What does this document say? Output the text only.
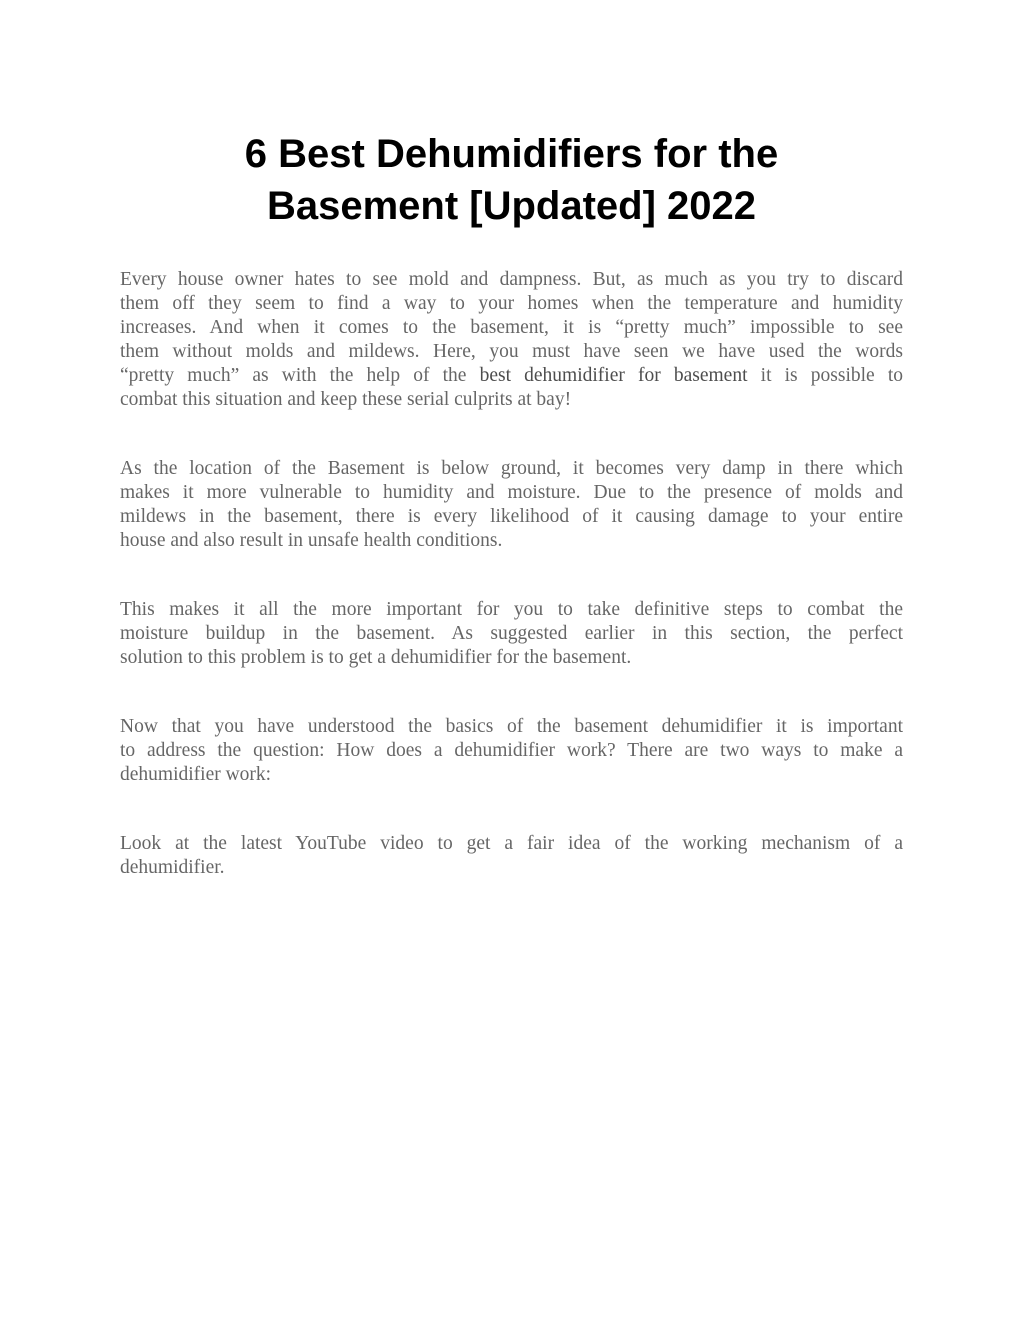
6 Best Dehumidifiers for the
Basement [Updated] 2022

Every house owner hates to see mold and dampness. But, as much as you try to discard
them off they seem to find a way to your homes when the temperature and humidity
increases. And when it comes to the basement, it is “pretty much” impossible to see
them without molds and mildews. Here, you must have seen we have used the words
“pretty much” as with the help of the best dehumidifier for basement it is possible to
combat this situation and keep these serial culprits at bay!

As the location of the Basement is below ground, it becomes very damp in there which
makes it more vulnerable to humidity and moisture. Due to the presence of molds and
mildews in the basement, there is every likelihood of it causing damage to your entire
house and also result in unsafe health conditions.

This makes it all the more important for you to take definitive steps to combat the
moisture buildup in the basement. As suggested earlier in this section, the perfect
solution to this problem is to get a dehumidifier for the basement.

Now that you have understood the basics of the basement dehumidifier it is important
to address the question: How does a dehumidifier work? There are two ways to make a
dehumidifier work:

Look at the latest YouTube video to get a fair idea of the working mechanism of a
dehumidifier.
